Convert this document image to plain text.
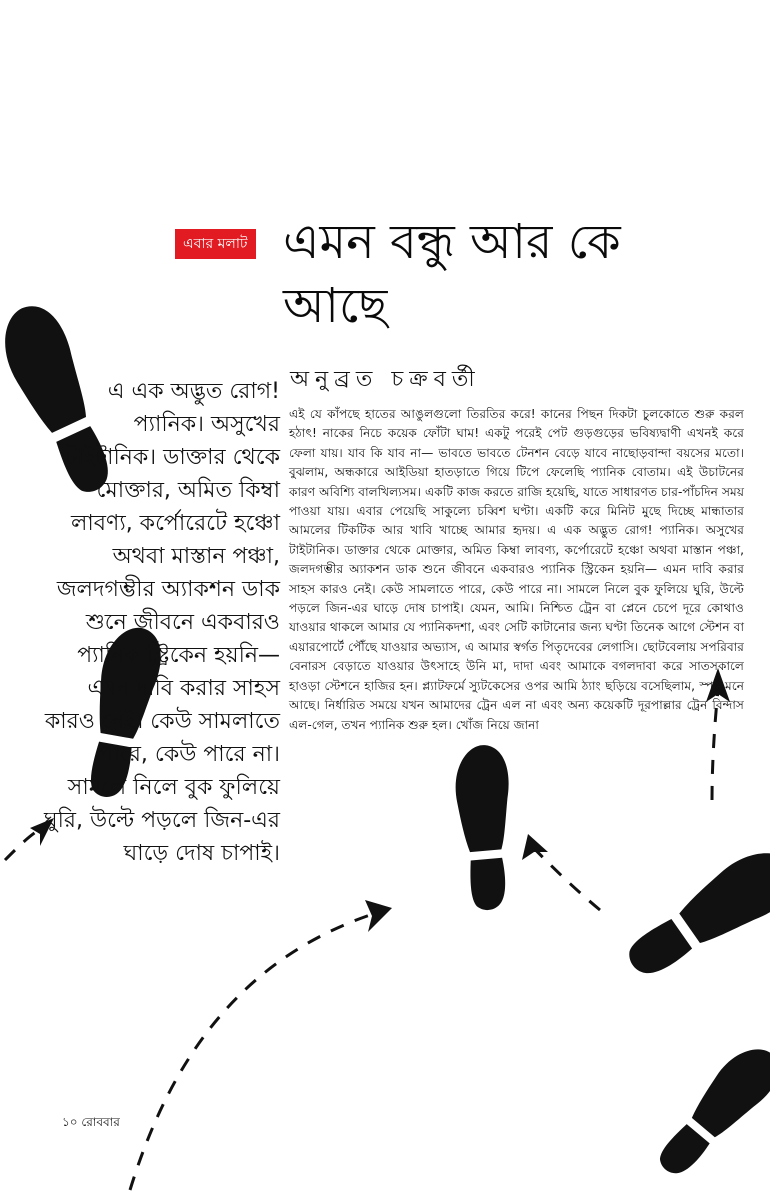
এবার মলাট এমন বন্ধু আর কে আছে
অনুব্রত চক্রবর্তী
এ এক অদ্ভুত রোগ! প্যানিক। অসুখের টাইটানিক। ডাক্তার থেকে মোক্তার, অমিত কিম্বা লাবণ্য, কর্পোরেটে হঞ্চো অথবা মাস্তান পঞ্চা, জলদগম্ভীর অ্যাকশন ডাক শুনে জীবনে একবারও প্যানিক স্ট্রিকেন হয়নি— এমন দাবি করার সাহস কারও নেই। কেউ সামলাতে পারে, কেউ পারে না। সামলে নিলে বুক ফুলিয়ে ঘুরি, উল্টে পড়লে জিন-এর ঘাড়ে দোষ চাপাই।
এই যে কাঁপছে হাতের আঙুলগুলো তিরতির করে! কানের পিছন দিকটা চুলকোতে শুরু করল হঠাৎ! নাকের নিচে কয়েক ফোঁটা ঘাম! একটু পরেই পেট গুড়গুড়ের ভবিষ্যদ্বাণী এখনই করে ফেলা যায়। যাব কি যাব না— ভাবতে ভাবতে টেনশন বেড়ে যাবে নাছোড়বান্দা বয়সের মতো। বুঝলাম, অন্ধকারে আইডিয়া হাতড়াতে গিয়ে টিপে ফেলেছি প্যানিক বোতাম। এই উচাটনের কারণ অবিশ্যি বালখিল্যসম। একটি কাজ করতে রাজি হয়েছি, যাতে সাধারণত চার-পাঁচদিন সময় পাওয়া যায়। এবার পেয়েছি সাকুল্যে চব্বিশ ঘণ্টা। একটি করে মিনিট মুছে দিচ্ছে মান্ধাতার আমলের টিকটিক আর খাবি খাচ্ছে আমার হৃদয়। এ এক অদ্ভুত রোগ! প্যানিক। অসুখের টাইটানিক। ডাক্তার থেকে মোক্তার, অমিত কিম্বা লাবণ্য, কর্পোরেটে হঞ্চো অথবা মাস্তান পঞ্চা, জলদগম্ভীর অ্যাকশন ডাক শুনে জীবনে একবারও প্যানিক স্ট্রিকেন হয়নি— এমন দাবি করার সাহস কারও নেই। কেউ সামলাতে পারে, কেউ পারে না। সামলে নিলে বুক ফুলিয়ে ঘুরি, উল্টে পড়লে জিন-এর ঘাড়ে দোষ চাপাই। যেমন, আমি। নিশ্চিত ট্রেন বা প্লেনে চেপে দূরে কোথাও যাওয়ার থাকলে আমার যে প্যানিকদশা, এবং সেটি কাটানোর জন্য ঘণ্টা তিনেক আগে স্টেশন বা এয়ারপোর্টে পৌঁছে যাওয়ার অভ্যাস, এ আমার স্বর্গত পিতৃদেবের লেগাসি। ছোটবেলায় সপরিবার বেনারস বেড়াতে যাওয়ার উৎসাহে উনি মা, দাদা এবং আমাকে বগলদাবা করে সাতসকালে হাওড়া স্টেশনে হাজির হন। প্ল্যাটফর্মে স্যুটকেসের ওপর আমি ঠ্যাং ছড়িয়ে বসেছিলাম, স্পষ্ট মনে আছে। নির্ধারিত সময়ে যখন আমাদের ট্রেন এল না এবং অন্য কয়েকটি দূরপাল্লার ট্রেন বিন্দাস এল-গেল, তখন প্যানিক শুরু হল। খোঁজ নিয়ে জানা
১০ রোববার
